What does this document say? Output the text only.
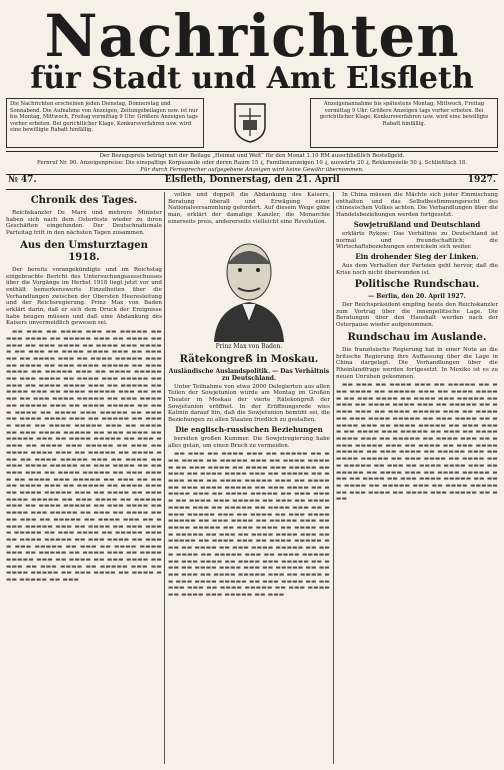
Nachrichten
für Stadt und Amt Elsfleth
Die Nachrichten erscheinen jeden Dienstag, Donnerstag und Sonnabend. Die Aufnahme von Anzeigen, Zeitungsbeilagen usw. ist nur bis Montag, Mittwoch, Freitag vormittag 9 Uhr. Größere Anzeigen tags vorher erbeten. Bei gerichtlicher Klage, Konkursverfahren usw. wird eine bewilligte Rabatt hinfällig.
Anzeigenannahme bis spätestens Montag, Mittwoch, Freitag vormittag 9 Uhr. Größere Anzeigen tags vorher erbeten. Bei gerichtlicher Klage, Konkursverfahren usw. wird eine bewilligte Rabatt hinfällig.
Der Bezugspreis beträgt mit der Beilage „Heimat und Welt“ für den Monat 1.10 RM ausschließlich Bestellgeld.
Fernruf Nr. 90. Anzeigenpreise: Die einspaltige Korpuszeile oder deren Raum 15 ₰, Familienanzeigen 10 ₰, auswärts 20 ₰, Reklamezeile 50 ₰. Schließfach 18.
Für durch Fernsprecher aufgegebene Anzeigen wird keine Gewähr übernommen.
№ 47.	Elsfleth, Donnerstag, den 21. April	1927.
Chronik des Tages.

Reichskanzler Dr. Marx und mehrere Minister haben sich nach dem Osterfeste wieder zu ihren Geschäften eingefunden. Der Deutschnationale Parteitag tritt in den nächsten Tagen zusammen.

Aus den Umsturztagen 1918.

Der bereits vorangekündigte und im Reichstag eingebrachte Bericht des Untersuchungsausschusses über die Vorgänge im Herbst 1918 liegt jetzt vor und enthält bemerkenswerte Einzelheiten über die Verhandlungen zwischen der Obersten Heeresleitung und der Reichsregierung. Prinz Max von Baden erklärt darin, daß er sich dem Druck der Ereignisse habe beugen müssen und daß eine Abdankung des Kaisers unvermeidlich gewesen sei.

▬▬ ▬▬▬ ▬▬ ▬▬▬▬ ▬▬▬ ▬▬ ▬▬▬▬▬ ▬▬ ▬▬▬ ▬▬▬▬ ▬▬ ▬▬▬▬▬ ▬▬▬ ▬▬ ▬▬▬▬ ▬▬▬▬▬ ▬▬ ▬▬▬ ▬▬▬▬ ▬▬ ▬▬▬▬ ▬▬▬ ▬▬▬▬▬ ▬▬ ▬▬▬ ▬▬ ▬▬▬▬ ▬▬▬▬ ▬▬▬ ▬▬ ▬▬▬▬▬ ▬▬ ▬▬▬▬ ▬▬▬ ▬▬ ▬▬▬▬ ▬▬▬▬▬ ▬▬▬ ▬▬ ▬▬▬▬ ▬▬ ▬▬▬ ▬▬▬▬ ▬▬▬▬▬ ▬▬ ▬▬▬ ▬▬▬▬ ▬▬ ▬▬▬▬▬ ▬▬▬ ▬▬ ▬▬▬▬ ▬▬▬▬▬ ▬▬ ▬▬▬ ▬▬▬▬ ▬▬ ▬▬▬▬ ▬▬▬ ▬▬▬▬▬ ▬▬ ▬▬▬ ▬▬ ▬▬▬▬ ▬▬▬▬ ▬▬▬ ▬▬ ▬▬▬▬▬ ▬▬ ▬▬▬▬ ▬▬▬ ▬▬ ▬▬▬▬ ▬▬▬▬▬ ▬▬▬ ▬▬ ▬▬▬▬ ▬▬ ▬▬▬ ▬▬▬▬ ▬▬▬▬▬ ▬▬ ▬▬▬ ▬▬▬▬ ▬▬ ▬▬▬▬▬ ▬▬▬ ▬▬ ▬▬▬▬ ▬▬▬▬▬ ▬▬ ▬▬▬ ▬▬▬▬ ▬▬ ▬▬▬▬ ▬▬▬ ▬▬▬▬▬ ▬▬ ▬▬▬ ▬▬ ▬▬▬▬ ▬▬▬▬ ▬▬▬ ▬▬ ▬▬▬▬▬ ▬▬ ▬▬▬▬ ▬▬▬ ▬▬ ▬▬▬▬ ▬▬▬▬▬ ▬▬▬ ▬▬ ▬▬▬▬ ▬▬ ▬▬▬ ▬▬▬▬ ▬▬▬▬▬ ▬▬ ▬▬▬ ▬▬▬▬ ▬▬ ▬▬▬▬▬ ▬▬▬ ▬▬ ▬▬▬▬ ▬▬▬▬▬ ▬▬ ▬▬▬ ▬▬▬▬ ▬▬ ▬▬▬▬ ▬▬▬ ▬▬▬▬▬ ▬▬ ▬▬▬ ▬▬ ▬▬▬▬ ▬▬▬▬ ▬▬▬ ▬▬ ▬▬▬▬▬ ▬▬ ▬▬▬▬ ▬▬▬ ▬▬ ▬▬▬▬ ▬▬▬▬▬ ▬▬▬ ▬▬ ▬▬▬▬ ▬▬ ▬▬▬ ▬▬▬▬ ▬▬▬▬▬ ▬▬ ▬▬▬ ▬▬▬▬ ▬▬ ▬▬▬▬▬ ▬▬▬ ▬▬ ▬▬▬▬ ▬▬▬▬▬ ▬▬ ▬▬▬ ▬▬▬▬ ▬▬ ▬▬▬▬ ▬▬▬ ▬▬▬▬▬ ▬▬ ▬▬▬ ▬▬ ▬▬▬▬ ▬▬▬▬ ▬▬▬ ▬▬ ▬▬▬▬▬ ▬▬ ▬▬▬▬ ▬▬▬ ▬▬ ▬▬▬▬ ▬▬▬▬▬ ▬▬▬ ▬▬ ▬▬▬▬ ▬▬ ▬▬▬ ▬▬▬▬ ▬▬▬▬▬ ▬▬ ▬▬▬ ▬▬▬▬ ▬▬ ▬▬▬▬▬ ▬▬▬ ▬▬ ▬▬▬▬ ▬▬▬▬▬ ▬▬ ▬▬▬ ▬▬▬▬ ▬▬ ▬▬▬▬ ▬▬▬ ▬▬▬▬▬ ▬▬ ▬▬▬ ▬▬ ▬▬▬▬ ▬▬▬▬ ▬▬▬ ▬▬ ▬▬▬▬▬ ▬▬ ▬▬▬▬ ▬▬▬ ▬▬ ▬▬▬▬ ▬▬▬▬▬ ▬▬▬ ▬▬ ▬▬▬▬ ▬▬ ▬▬▬ ▬▬▬▬ ▬▬▬▬▬ ▬▬ ▬▬▬ ▬▬▬▬ ▬▬ ▬▬▬▬▬ ▬▬▬ ▬▬ ▬▬▬▬ ▬▬▬▬▬ ▬▬ ▬▬▬ ▬▬▬▬ ▬▬ ▬▬▬▬ ▬▬▬ ▬▬▬▬▬ ▬▬ ▬▬▬ ▬▬ ▬▬▬▬ ▬▬▬▬ ▬▬▬ ▬▬ ▬▬▬▬▬ ▬▬ ▬▬▬▬ ▬▬▬ ▬▬ ▬▬▬▬ ▬▬▬▬▬ ▬▬▬ ▬▬ ▬▬▬▬ ▬▬ ▬▬▬ ▬▬▬▬ ▬▬▬▬▬ ▬▬ ▬▬▬ ▬▬▬▬ ▬▬ ▬▬▬▬▬ ▬▬▬ ▬▬ ▬▬▬▬ ▬▬▬▬▬ ▬▬ ▬▬▬ ▬▬▬▬ ▬▬ ▬▬▬▬ ▬▬▬ ▬▬▬▬▬ ▬▬ ▬▬▬

vollen und doppelt die Abdankung des Kaisers, Beratung überall und Erwägung einer Nationalversammlung gefordert. Auf diesem Wege gäbe man, erklärt der damalige Kanzler, die Monarchie einerseits preis, andererseits vielleicht eine Revolution.

Prinz Max von Baden.
Rätekongreß in Moskau.
Ausländische Auslandspolitik. — Das Verhältnis zu Deutschland.

Unter Teilnahme von etwa 2000 Delegierten aus allen Teilen der Sowjetunion wurde am Montag im Großen Theater in Moskau der vierte Rätekongreß der Sowjetunion eröffnet. In der Eröffnungsrede wies Kalinin darauf hin, daß die Sowjetunion bemüht sei, die Beziehungen zu allen Staaten friedlich zu gestalten.

Die englisch-russischen Beziehungen

bereiten großen Kummer. Die Sowjetregierung habe alles getan, um einen Bruch zu vermeiden.

▬▬ ▬▬▬ ▬▬ ▬▬▬▬ ▬▬▬ ▬▬ ▬▬▬▬▬ ▬▬ ▬▬▬ ▬▬▬▬ ▬▬ ▬▬▬▬▬ ▬▬▬ ▬▬ ▬▬▬▬ ▬▬▬▬▬ ▬▬ ▬▬▬ ▬▬▬▬ ▬▬ ▬▬▬▬ ▬▬▬ ▬▬▬▬▬ ▬▬ ▬▬▬ ▬▬ ▬▬▬▬ ▬▬▬▬ ▬▬▬ ▬▬ ▬▬▬▬▬ ▬▬ ▬▬▬▬ ▬▬▬ ▬▬ ▬▬▬▬ ▬▬▬▬▬ ▬▬▬ ▬▬ ▬▬▬▬ ▬▬ ▬▬▬ ▬▬▬▬ ▬▬▬▬▬ ▬▬ ▬▬▬ ▬▬▬▬ ▬▬ ▬▬▬▬▬ ▬▬▬ ▬▬ ▬▬▬▬ ▬▬▬▬▬ ▬▬ ▬▬▬ ▬▬▬▬ ▬▬ ▬▬▬▬ ▬▬▬ ▬▬▬▬▬ ▬▬ ▬▬▬ ▬▬ ▬▬▬▬ ▬▬▬▬ ▬▬▬ ▬▬ ▬▬▬▬▬ ▬▬ ▬▬▬▬ ▬▬▬ ▬▬ ▬▬▬▬ ▬▬▬▬▬ ▬▬▬ ▬▬ ▬▬▬▬ ▬▬ ▬▬▬ ▬▬▬▬ ▬▬▬▬▬ ▬▬ ▬▬▬ ▬▬▬▬ ▬▬ ▬▬▬▬▬ ▬▬▬ ▬▬ ▬▬▬▬ ▬▬▬▬▬ ▬▬ ▬▬▬ ▬▬▬▬ ▬▬ ▬▬▬▬ ▬▬▬ ▬▬▬▬▬ ▬▬ ▬▬▬ ▬▬ ▬▬▬▬ ▬▬▬▬ ▬▬▬ ▬▬ ▬▬▬▬▬ ▬▬ ▬▬▬▬ ▬▬▬ ▬▬ ▬▬▬▬ ▬▬▬▬▬ ▬▬▬ ▬▬ ▬▬▬▬ ▬▬ ▬▬▬ ▬▬▬▬ ▬▬▬▬▬ ▬▬ ▬▬▬ ▬▬▬▬ ▬▬ ▬▬▬▬▬ ▬▬▬ ▬▬ ▬▬▬▬ ▬▬▬▬▬ ▬▬ ▬▬▬ ▬▬▬▬ ▬▬ ▬▬▬▬ ▬▬▬ ▬▬▬▬▬ ▬▬ ▬▬▬ ▬▬ ▬▬▬▬ ▬▬▬▬ ▬▬▬ ▬▬ ▬▬▬▬▬ ▬▬ ▬▬▬▬ ▬▬▬ ▬▬ ▬▬▬▬ ▬▬▬▬▬ ▬▬▬ ▬▬ ▬▬▬▬ ▬▬ ▬▬▬ ▬▬▬▬ ▬▬▬▬▬ ▬▬ ▬▬▬ ▬▬▬▬ ▬▬ ▬▬▬▬▬ ▬▬▬ ▬▬ ▬▬▬▬ ▬▬▬▬▬ ▬▬ ▬▬▬ ▬▬▬▬ ▬▬ ▬▬▬▬ ▬▬▬ ▬▬▬▬▬ ▬▬ ▬▬▬

In China müssen die Mächte sich jeder Einmischung enthalten und das Selbstbestimmungsrecht des chinesischen Volkes achten. Die Verhandlungen über die Handelsbeziehungen werden fortgesetzt.

Sowjetrußland und Deutschland

erklärte Rykow: Das Verhältnis zu Deutschland ist normal und freundschaftlich; die Wirtschaftsbeziehungen entwickeln sich weiter.

Ein drohender Sieg der Linken.

Aus dem Verhalten der Parteien geht hervor, daß die Krise noch nicht überwunden ist.

Politische Rundschau.
— Berlin, den 20. April 1927.

Der Reichspräsident empfing heute den Reichskanzler zum Vortrag über die innenpolitische Lage. Die Beratungen über den Haushalt werden nach der Osterpause wieder aufgenommen.

Rundschau im Auslande.

Die französische Regierung hat in einer Note an die britische Regierung ihre Auffassung über die Lage in China dargelegt. Die Verhandlungen über die Rheinlandfrage werden fortgesetzt. In Mexiko ist es zu neuen Unruhen gekommen.

▬▬ ▬▬▬ ▬▬ ▬▬▬▬ ▬▬▬ ▬▬ ▬▬▬▬▬ ▬▬ ▬▬▬ ▬▬▬▬ ▬▬ ▬▬▬▬▬ ▬▬▬ ▬▬ ▬▬▬▬ ▬▬▬▬▬ ▬▬ ▬▬▬ ▬▬▬▬ ▬▬ ▬▬▬▬ ▬▬▬ ▬▬▬▬▬ ▬▬ ▬▬▬ ▬▬ ▬▬▬▬ ▬▬▬▬ ▬▬▬ ▬▬ ▬▬▬▬▬ ▬▬ ▬▬▬▬ ▬▬▬ ▬▬ ▬▬▬▬ ▬▬▬▬▬ ▬▬▬ ▬▬ ▬▬▬▬ ▬▬ ▬▬▬ ▬▬▬▬ ▬▬▬▬▬ ▬▬ ▬▬▬ ▬▬▬▬ ▬▬ ▬▬▬▬▬ ▬▬▬ ▬▬ ▬▬▬▬ ▬▬▬▬▬ ▬▬ ▬▬▬ ▬▬▬▬ ▬▬ ▬▬▬▬ ▬▬▬ ▬▬▬▬▬ ▬▬ ▬▬▬ ▬▬ ▬▬▬▬ ▬▬▬▬ ▬▬▬ ▬▬ ▬▬▬▬▬ ▬▬ ▬▬▬▬ ▬▬▬ ▬▬ ▬▬▬▬ ▬▬▬▬▬ ▬▬▬ ▬▬ ▬▬▬▬ ▬▬ ▬▬▬ ▬▬▬▬ ▬▬▬▬▬ ▬▬ ▬▬▬ ▬▬▬▬ ▬▬ ▬▬▬▬▬ ▬▬▬ ▬▬ ▬▬▬▬ ▬▬▬▬▬ ▬▬ ▬▬▬ ▬▬▬▬ ▬▬ ▬▬▬▬ ▬▬▬ ▬▬▬▬▬ ▬▬ ▬▬▬ ▬▬ ▬▬▬▬ ▬▬▬▬ ▬▬▬ ▬▬ ▬▬▬▬▬ ▬▬ ▬▬▬▬ ▬▬▬ ▬▬ ▬▬▬▬ ▬▬▬▬▬ ▬▬▬ ▬▬ ▬▬▬▬ ▬▬ ▬▬▬ ▬▬▬▬ ▬▬▬▬▬ ▬▬ ▬▬▬ ▬▬▬▬ ▬▬ ▬▬▬▬▬ ▬▬▬ ▬▬ ▬▬▬▬ ▬▬▬▬▬ ▬▬ ▬▬▬ ▬▬▬▬ ▬▬ ▬▬▬▬ ▬▬▬ ▬▬▬▬▬ ▬▬ ▬▬▬
